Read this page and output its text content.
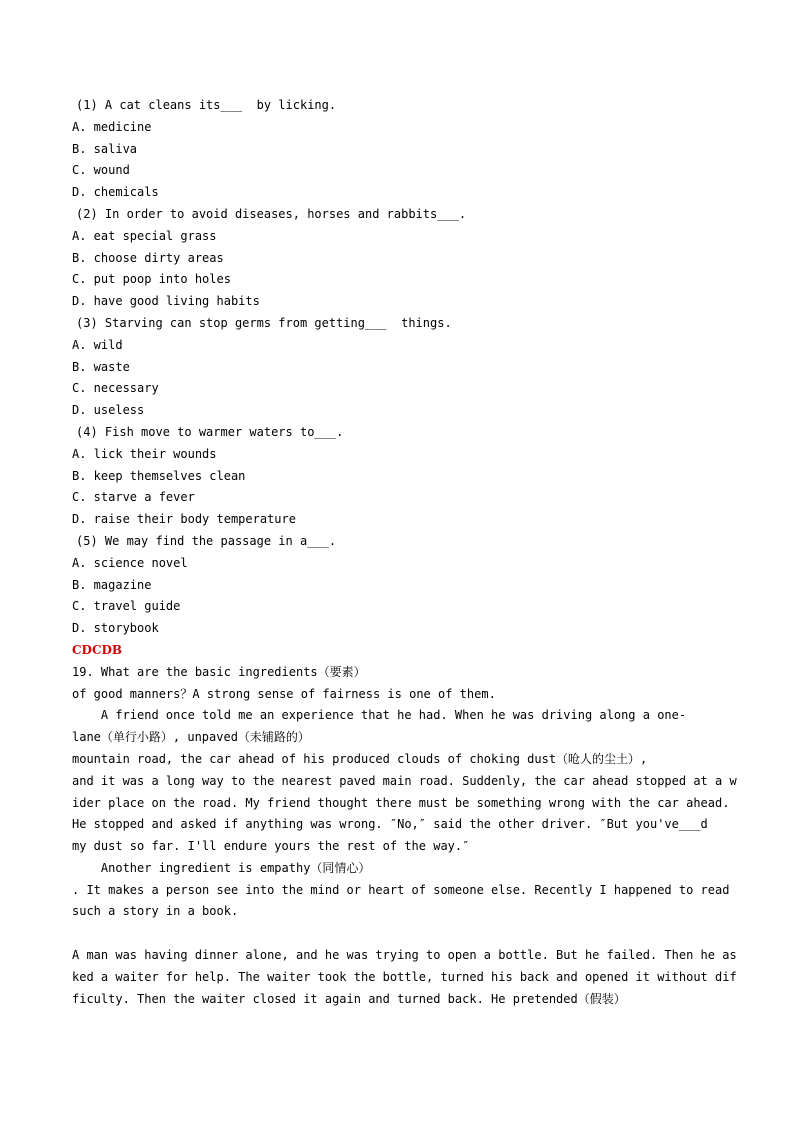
(1) A cat cleans its___  by licking.
A. medicine
B. saliva
C. wound
D. chemicals
(2) In order to avoid diseases, horses and rabbits___.
A. eat special grass
B. choose dirty areas
C. put poop into holes
D. have good living habits
(3) Starving can stop germs from getting___  things.
A. wild
B. waste
C. necessary
D. useless
(4) Fish move to warmer waters to___.
A. lick their wounds
B. keep themselves clean
C. starve a fever
D. raise their body temperature
(5) We may find the passage in a___.
A. science novel
B. magazine
C. travel guide
D. storybook
CDCDB
19. What are the basic ingredients（要素）
of good manners？A strong sense of fairness is one of them.
A friend once told me an experience that he had. When he was driving along a one-
lane（单行小路）, unpaved（未铺路的）
mountain road, the car ahead of his produced clouds of choking dust（呛人的尘土）,
and it was a long way to the nearest paved main road. Suddenly, the car ahead stopped at a w
ider place on the road. My friend thought there must be something wrong with the car ahead.
He stopped and asked if anything was wrong. ″No,″ said the other driver. ″But you've___d
my dust so far. I'll endure yours the rest of the way.″
Another ingredient is empathy（同情心）
. It makes a person see into the mind or heart of someone else. Recently I happened to read
such a story in a book.
A man was having dinner alone, and he was trying to open a bottle. But he failed. Then he as
ked a waiter for help. The waiter took the bottle, turned his back and opened it without dif
ficulty. Then the waiter closed it again and turned back. He pretended（假装）
